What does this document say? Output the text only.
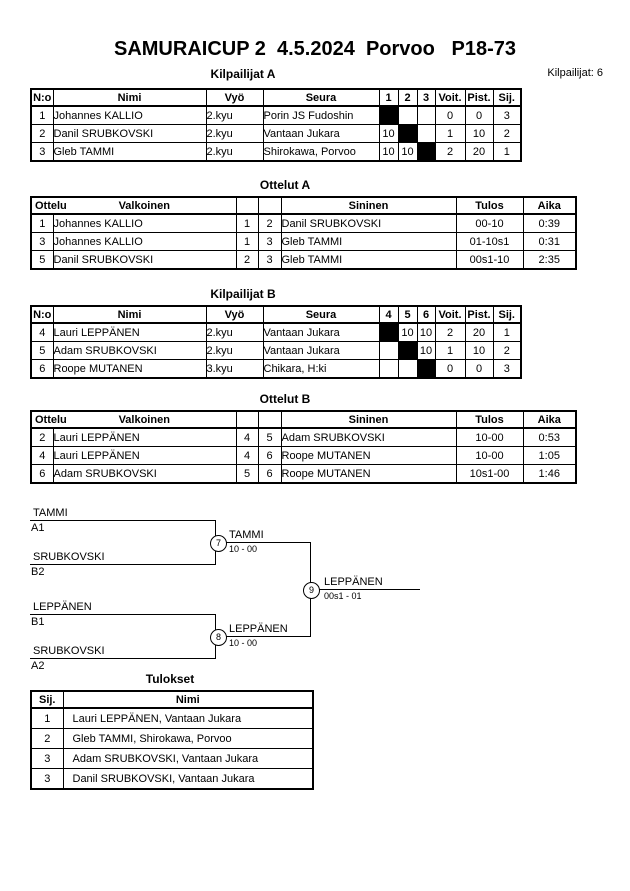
SAMURAICUP 2  4.5.2024  Porvoo   P18-73
Kilpailijat: 6
Kilpailijat A
N:o	Nimi	Vyö	Seura	1	2	3	Voit.	Pist.	Sij.
1	Johannes KALLIO	2.kyu	Porin JS Fudoshin				0	0	3
2	Danil SRUBKOVSKI	2.kyu	Vantaan Jukara	10			1	10	2
3	Gleb TAMMI	2.kyu	Shirokawa, Porvoo	10	10		2	20	1
Ottelut A
Ottelu	Valkoinen			Sininen	Tulos	Aika
1	Johannes KALLIO	1	2	Danil SRUBKOVSKI	00-10	0:39
3	Johannes KALLIO	1	3	Gleb TAMMI	01-10s1	0:31
5	Danil SRUBKOVSKI	2	3	Gleb TAMMI	00s1-10	2:35
Kilpailijat B
N:o	Nimi	Vyö	Seura	4	5	6	Voit.	Pist.	Sij.
4	Lauri LEPPÄNEN	2.kyu	Vantaan Jukara		10	10	2	20	1
5	Adam SRUBKOVSKI	2.kyu	Vantaan Jukara			10	1	10	2
6	Roope MUTANEN	3.kyu	Chikara, H:ki				0	0	3
Ottelut B
Ottelu	Valkoinen			Sininen	Tulos	Aika
2	Lauri LEPPÄNEN	4	5	Adam SRUBKOVSKI	10-00	0:53
4	Lauri LEPPÄNEN	4	6	Roope MUTANEN	10-00	1:05
6	Adam SRUBKOVSKI	5	6	Roope MUTANEN	10s1-00	1:46
TAMMI
A1
SRUBKOVSKI
B2
7
TAMMI
10 - 00
LEPPÄNEN
B1
SRUBKOVSKI
A2
8
LEPPÄNEN
10 - 00
9
LEPPÄNEN
00s1 - 01
Tulokset
Sij.	Nimi
1	Lauri LEPPÄNEN, Vantaan Jukara
2	Gleb TAMMI, Shirokawa, Porvoo
3	Adam SRUBKOVSKI, Vantaan Jukara
3	Danil SRUBKOVSKI, Vantaan Jukara
